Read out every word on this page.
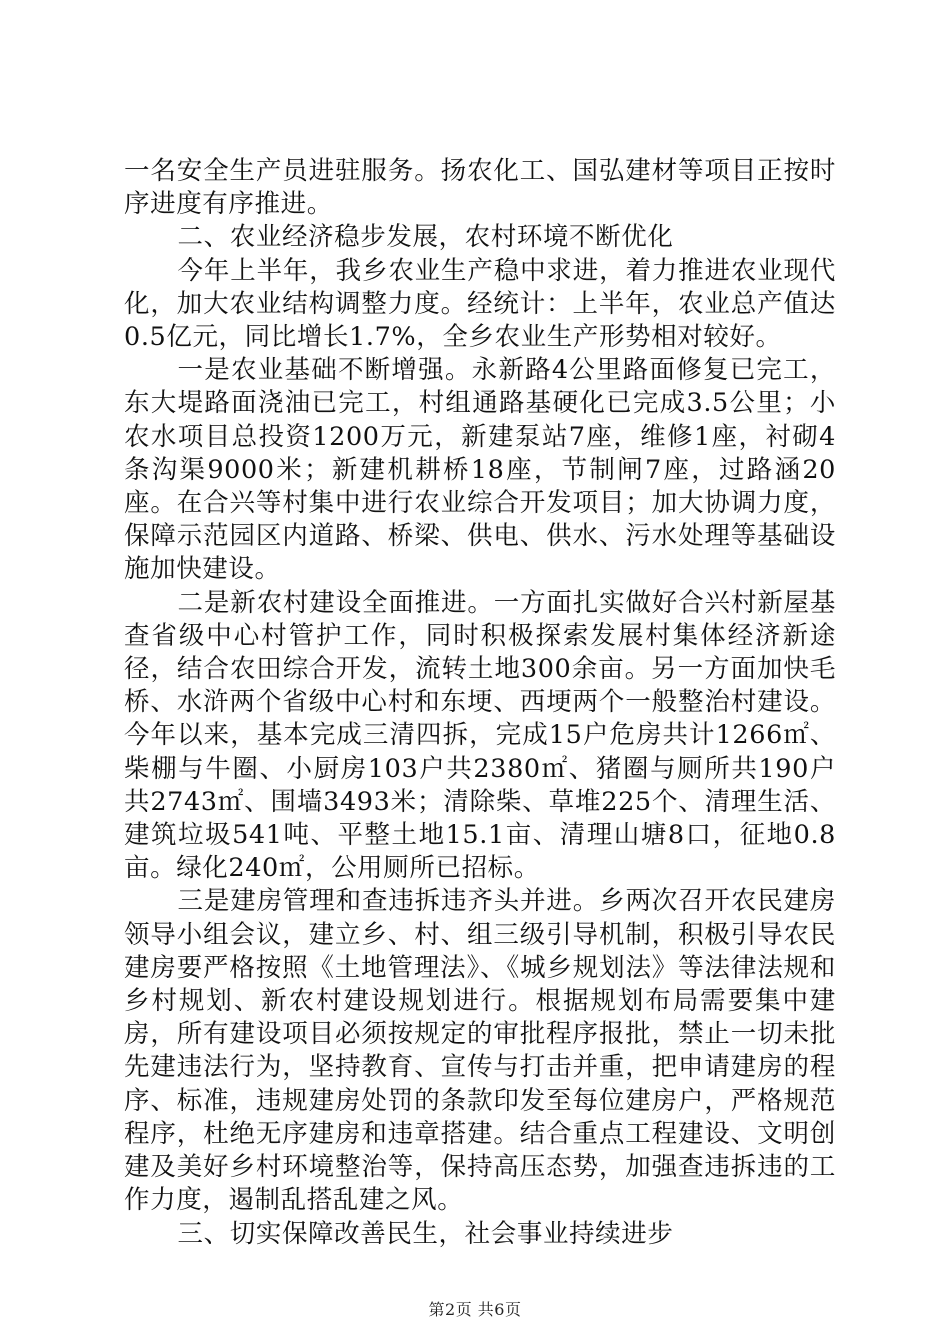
一名安全生产员进驻服务。扬农化工、国弘建材等项目正按时序进度有序推进。

二、农业经济稳步发展，农村环境不断优化

今年上半年，我乡农业生产稳中求进，着力推进农业现代化，加大农业结构调整力度。经统计：上半年，农业总产值达0.5亿元，同比增长1.7%，全乡农业生产形势相对较好。

一是农业基础不断增强。永新路4公里路面修复已完工，东大堤路面浇油已完工，村组通路基硬化已完成3.5公里；小农水项目总投资1200万元，新建泵站7座，维修1座，衬砌4条沟渠9000米；新建机耕桥18座，节制闸7座，过路涵20座。在合兴等村集中进行农业综合开发项目；加大协调力度，保障示范园区内道路、桥梁、供电、供水、污水处理等基础设施加快建设。

二是新农村建设全面推进。一方面扎实做好合兴村新屋基查省级中心村管护工作，同时积极探索发展村集体经济新途径，结合农田综合开发，流转土地300余亩。另一方面加快毛桥、水浒两个省级中心村和东埂、西埂两个一般整治村建设。今年以来，基本完成三清四拆，完成15户危房共计1266㎡、柴棚与牛圈、小厨房103户共2380㎡、猪圈与厕所共190户共2743㎡、围墙3493米；清除柴、草堆225个、清理生活、建筑垃圾541吨、平整土地15.1亩、清理山塘8口，征地0.8亩。绿化240㎡，公用厕所已招标。

三是建房管理和查违拆违齐头并进。乡两次召开农民建房领导小组会议，建立乡、村、组三级引导机制，积极引导农民建房要严格按照《土地管理法》、《城乡规划法》等法律法规和乡村规划、新农村建设规划进行。根据规划布局需要集中建房，所有建设项目必须按规定的审批程序报批，禁止一切未批先建违法行为，坚持教育、宣传与打击并重，把申请建房的程序、标准，违规建房处罚的条款印发至每位建房户，严格规范程序，杜绝无序建房和违章搭建。结合重点工程建设、文明创建及美好乡村环境整治等，保持高压态势，加强查违拆违的工作力度，遏制乱搭乱建之风。

三、切实保障改善民生，社会事业持续进步

第2页 共6页
